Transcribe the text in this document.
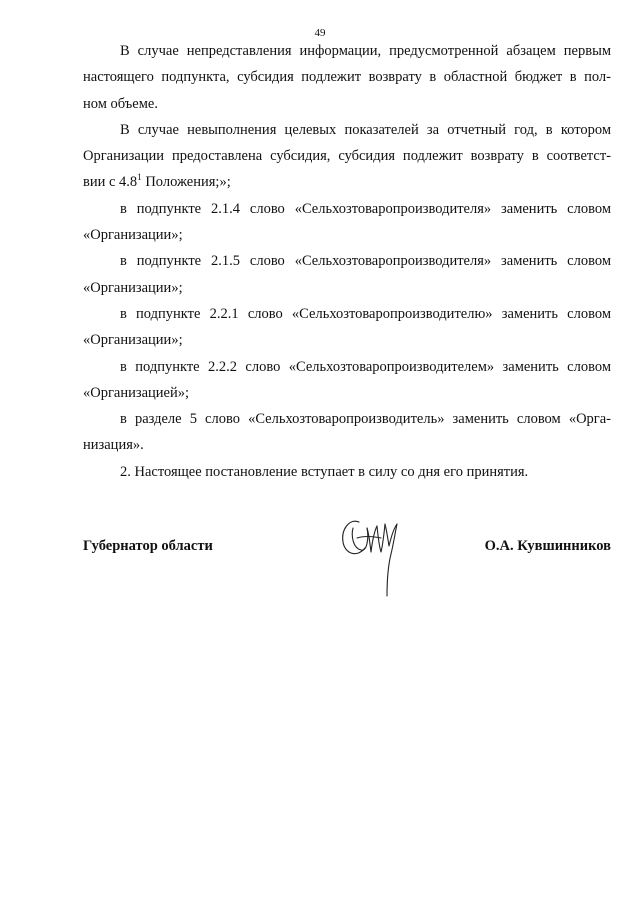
49

В случае непредставления информации, предусмотренной абзацем первым
настоящего подпункта, субсидия подлежит возврату в областной бюджет в пол-
ном объеме.

В случае невыполнения целевых показателей за отчетный год, в котором
Организации предоставлена субсидия, субсидия подлежит возврату в соответст-
вии с $4.8^1$ Положения;»;

в подпункте 2.1.4 слово «Сельхозтоваропроизводителя» заменить словом
«Организации»;

в подпункте 2.1.5 слово «Сельхозтоваропроизводителя» заменить словом
«Организации»;

в подпункте 2.2.1 слово «Сельхозтоваропроизводителю» заменить словом
«Организации»;

в подпункте 2.2.2 слово «Сельхозтоваропроизводителем» заменить словом
«Организацией»;

в разделе 5 слово «Сельхозтоваропроизводитель» заменить словом «Орга-
низация».

2. Настоящее постановление вступает в силу со дня его принятия.

Губернатор области	О.А. Кувшинников
